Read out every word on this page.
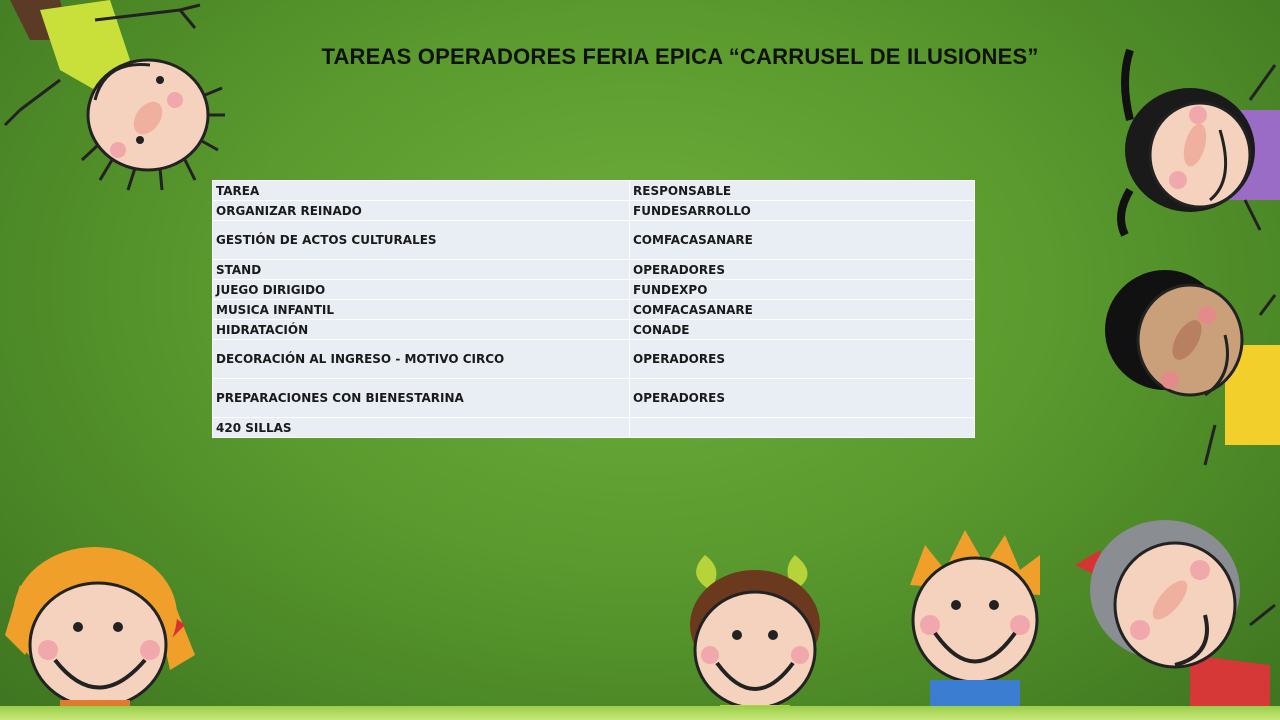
TAREAS OPERADORES FERIA EPICA “CARRUSEL DE ILUSIONES”
TAREA	RESPONSABLE
ORGANIZAR REINADO	FUNDESARROLLO
GESTIÓN DE ACTOS CULTURALES	COMFACASANARE
STAND	OPERADORES
JUEGO DIRIGIDO	FUNDEXPO
MUSICA INFANTIL	COMFACASANARE
HIDRATACIÓN	CONADE
DECORACIÓN AL INGRESO - MOTIVO CIRCO	OPERADORES
PREPARACIONES CON BIENESTARINA	OPERADORES
420 SILLAS	
